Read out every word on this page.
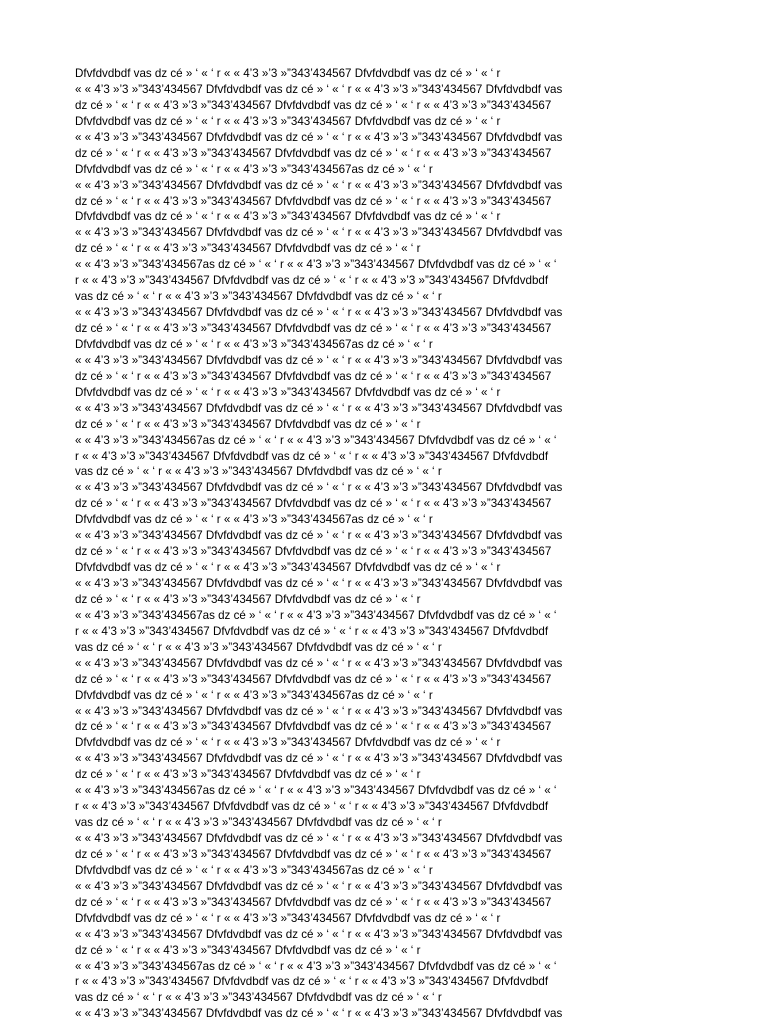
Dfvfdvdbdf vas dz cé » ‘ « ‘ r « « 4’3 »’3 »”343’434567 Dfvfdvdbdf vas dz cé » ‘ « ‘ r
« « 4’3 »’3 »”343’434567 Dfvfdvdbdf vas dz cé » ‘ « ‘ r « « 4’3 »’3 »”343’434567 Dfvfdvdbdf vas
dz cé » ‘ « ‘ r « « 4’3 »’3 »”343’434567 Dfvfdvdbdf vas dz cé » ‘ « ‘ r « « 4’3 »’3 »”343’434567
Dfvfdvdbdf vas dz cé » ‘ « ‘ r « « 4’3 »’3 »”343’434567 Dfvfdvdbdf vas dz cé » ‘ « ‘ r
« « 4’3 »’3 »”343’434567 Dfvfdvdbdf vas dz cé » ‘ « ‘ r « « 4’3 »’3 »”343’434567 Dfvfdvdbdf vas
dz cé » ‘ « ‘ r « « 4’3 »’3 »”343’434567 Dfvfdvdbdf vas dz cé » ‘ « ‘ r « « 4’3 »’3 »”343’434567
Dfvfdvdbdf vas dz cé » ‘ « ‘ r « « 4’3 »’3 »”343’434567as dz cé » ‘ « ‘ r
« « 4’3 »’3 »”343’434567 Dfvfdvdbdf vas dz cé » ‘ « ‘ r « « 4’3 »’3 »”343’434567 Dfvfdvdbdf vas
dz cé » ‘ « ‘ r « « 4’3 »’3 »”343’434567 Dfvfdvdbdf vas dz cé » ‘ « ‘ r « « 4’3 »’3 »”343’434567
Dfvfdvdbdf vas dz cé » ‘ « ‘ r « « 4’3 »’3 »”343’434567 Dfvfdvdbdf vas dz cé » ‘ « ‘ r
« « 4’3 »’3 »”343’434567 Dfvfdvdbdf vas dz cé » ‘ « ‘ r « « 4’3 »’3 »”343’434567 Dfvfdvdbdf vas
dz cé » ‘ « ‘ r « « 4’3 »’3 »”343’434567 Dfvfdvdbdf vas dz cé » ‘ « ‘ r
« « 4’3 »’3 »”343’434567as dz cé » ‘ « ‘ r « « 4’3 »’3 »”343’434567 Dfvfdvdbdf vas dz cé » ‘ « ‘
r « « 4’3 »’3 »”343’434567 Dfvfdvdbdf vas dz cé » ‘ « ‘ r « « 4’3 »’3 »”343’434567 Dfvfdvdbdf
vas dz cé » ‘ « ‘ r « « 4’3 »’3 »”343’434567 Dfvfdvdbdf vas dz cé » ‘ « ‘ r
« « 4’3 »’3 »”343’434567 Dfvfdvdbdf vas dz cé » ‘ « ‘ r « « 4’3 »’3 »”343’434567 Dfvfdvdbdf vas
dz cé » ‘ « ‘ r « « 4’3 »’3 »”343’434567 Dfvfdvdbdf vas dz cé » ‘ « ‘ r « « 4’3 »’3 »”343’434567
Dfvfdvdbdf vas dz cé » ‘ « ‘ r « « 4’3 »’3 »”343’434567as dz cé » ‘ « ‘ r
« « 4’3 »’3 »”343’434567 Dfvfdvdbdf vas dz cé » ‘ « ‘ r « « 4’3 »’3 »”343’434567 Dfvfdvdbdf vas
dz cé » ‘ « ‘ r « « 4’3 »’3 »”343’434567 Dfvfdvdbdf vas dz cé » ‘ « ‘ r « « 4’3 »’3 »”343’434567
Dfvfdvdbdf vas dz cé » ‘ « ‘ r « « 4’3 »’3 »”343’434567 Dfvfdvdbdf vas dz cé » ‘ « ‘ r
« « 4’3 »’3 »”343’434567 Dfvfdvdbdf vas dz cé » ‘ « ‘ r « « 4’3 »’3 »”343’434567 Dfvfdvdbdf vas
dz cé » ‘ « ‘ r « « 4’3 »’3 »”343’434567 Dfvfdvdbdf vas dz cé » ‘ « ‘ r
« « 4’3 »’3 »”343’434567as dz cé » ‘ « ‘ r « « 4’3 »’3 »”343’434567 Dfvfdvdbdf vas dz cé » ‘ « ‘
r « « 4’3 »’3 »”343’434567 Dfvfdvdbdf vas dz cé » ‘ « ‘ r « « 4’3 »’3 »”343’434567 Dfvfdvdbdf
vas dz cé » ‘ « ‘ r « « 4’3 »’3 »”343’434567 Dfvfdvdbdf vas dz cé » ‘ « ‘ r
« « 4’3 »’3 »”343’434567 Dfvfdvdbdf vas dz cé » ‘ « ‘ r « « 4’3 »’3 »”343’434567 Dfvfdvdbdf vas
dz cé » ‘ « ‘ r « « 4’3 »’3 »”343’434567 Dfvfdvdbdf vas dz cé » ‘ « ‘ r « « 4’3 »’3 »”343’434567
Dfvfdvdbdf vas dz cé » ‘ « ‘ r « « 4’3 »’3 »”343’434567as dz cé » ‘ « ‘ r
« « 4’3 »’3 »”343’434567 Dfvfdvdbdf vas dz cé » ‘ « ‘ r « « 4’3 »’3 »”343’434567 Dfvfdvdbdf vas
dz cé » ‘ « ‘ r « « 4’3 »’3 »”343’434567 Dfvfdvdbdf vas dz cé » ‘ « ‘ r « « 4’3 »’3 »”343’434567
Dfvfdvdbdf vas dz cé » ‘ « ‘ r « « 4’3 »’3 »”343’434567 Dfvfdvdbdf vas dz cé » ‘ « ‘ r
« « 4’3 »’3 »”343’434567 Dfvfdvdbdf vas dz cé » ‘ « ‘ r « « 4’3 »’3 »”343’434567 Dfvfdvdbdf vas
dz cé » ‘ « ‘ r « « 4’3 »’3 »”343’434567 Dfvfdvdbdf vas dz cé » ‘ « ‘ r
« « 4’3 »’3 »”343’434567as dz cé » ‘ « ‘ r « « 4’3 »’3 »”343’434567 Dfvfdvdbdf vas dz cé » ‘ « ‘
r « « 4’3 »’3 »”343’434567 Dfvfdvdbdf vas dz cé » ‘ « ‘ r « « 4’3 »’3 »”343’434567 Dfvfdvdbdf
vas dz cé » ‘ « ‘ r « « 4’3 »’3 »”343’434567 Dfvfdvdbdf vas dz cé » ‘ « ‘ r
« « 4’3 »’3 »”343’434567 Dfvfdvdbdf vas dz cé » ‘ « ‘ r « « 4’3 »’3 »”343’434567 Dfvfdvdbdf vas
dz cé » ‘ « ‘ r « « 4’3 »’3 »”343’434567 Dfvfdvdbdf vas dz cé » ‘ « ‘ r « « 4’3 »’3 »”343’434567
Dfvfdvdbdf vas dz cé » ‘ « ‘ r « « 4’3 »’3 »”343’434567as dz cé » ‘ « ‘ r
« « 4’3 »’3 »”343’434567 Dfvfdvdbdf vas dz cé » ‘ « ‘ r « « 4’3 »’3 »”343’434567 Dfvfdvdbdf vas
dz cé » ‘ « ‘ r « « 4’3 »’3 »”343’434567 Dfvfdvdbdf vas dz cé » ‘ « ‘ r « « 4’3 »’3 »”343’434567
Dfvfdvdbdf vas dz cé » ‘ « ‘ r « « 4’3 »’3 »”343’434567 Dfvfdvdbdf vas dz cé » ‘ « ‘ r
« « 4’3 »’3 »”343’434567 Dfvfdvdbdf vas dz cé » ‘ « ‘ r « « 4’3 »’3 »”343’434567 Dfvfdvdbdf vas
dz cé » ‘ « ‘ r « « 4’3 »’3 »”343’434567 Dfvfdvdbdf vas dz cé » ‘ « ‘ r
« « 4’3 »’3 »”343’434567as dz cé » ‘ « ‘ r « « 4’3 »’3 »”343’434567 Dfvfdvdbdf vas dz cé » ‘ « ‘
r « « 4’3 »’3 »”343’434567 Dfvfdvdbdf vas dz cé » ‘ « ‘ r « « 4’3 »’3 »”343’434567 Dfvfdvdbdf
vas dz cé » ‘ « ‘ r « « 4’3 »’3 »”343’434567 Dfvfdvdbdf vas dz cé » ‘ « ‘ r
« « 4’3 »’3 »”343’434567 Dfvfdvdbdf vas dz cé » ‘ « ‘ r « « 4’3 »’3 »”343’434567 Dfvfdvdbdf vas
dz cé » ‘ « ‘ r « « 4’3 »’3 »”343’434567 Dfvfdvdbdf vas dz cé » ‘ « ‘ r « « 4’3 »’3 »”343’434567
Dfvfdvdbdf vas dz cé » ‘ « ‘ r « « 4’3 »’3 »”343’434567as dz cé » ‘ « ‘ r
« « 4’3 »’3 »”343’434567 Dfvfdvdbdf vas dz cé » ‘ « ‘ r « « 4’3 »’3 »”343’434567 Dfvfdvdbdf vas
dz cé » ‘ « ‘ r « « 4’3 »’3 »”343’434567 Dfvfdvdbdf vas dz cé » ‘ « ‘ r « « 4’3 »’3 »”343’434567
Dfvfdvdbdf vas dz cé » ‘ « ‘ r « « 4’3 »’3 »”343’434567 Dfvfdvdbdf vas dz cé » ‘ « ‘ r
« « 4’3 »’3 »”343’434567 Dfvfdvdbdf vas dz cé » ‘ « ‘ r « « 4’3 »’3 »”343’434567 Dfvfdvdbdf vas
dz cé » ‘ « ‘ r « « 4’3 »’3 »”343’434567 Dfvfdvdbdf vas dz cé » ‘ « ‘ r
« « 4’3 »’3 »”343’434567as dz cé » ‘ « ‘ r « « 4’3 »’3 »”343’434567 Dfvfdvdbdf vas dz cé » ‘ « ‘
r « « 4’3 »’3 »”343’434567 Dfvfdvdbdf vas dz cé » ‘ « ‘ r « « 4’3 »’3 »”343’434567 Dfvfdvdbdf
vas dz cé » ‘ « ‘ r « « 4’3 »’3 »”343’434567 Dfvfdvdbdf vas dz cé » ‘ « ‘ r
« « 4’3 »’3 »”343’434567 Dfvfdvdbdf vas dz cé » ‘ « ‘ r « « 4’3 »’3 »”343’434567 Dfvfdvdbdf vas
